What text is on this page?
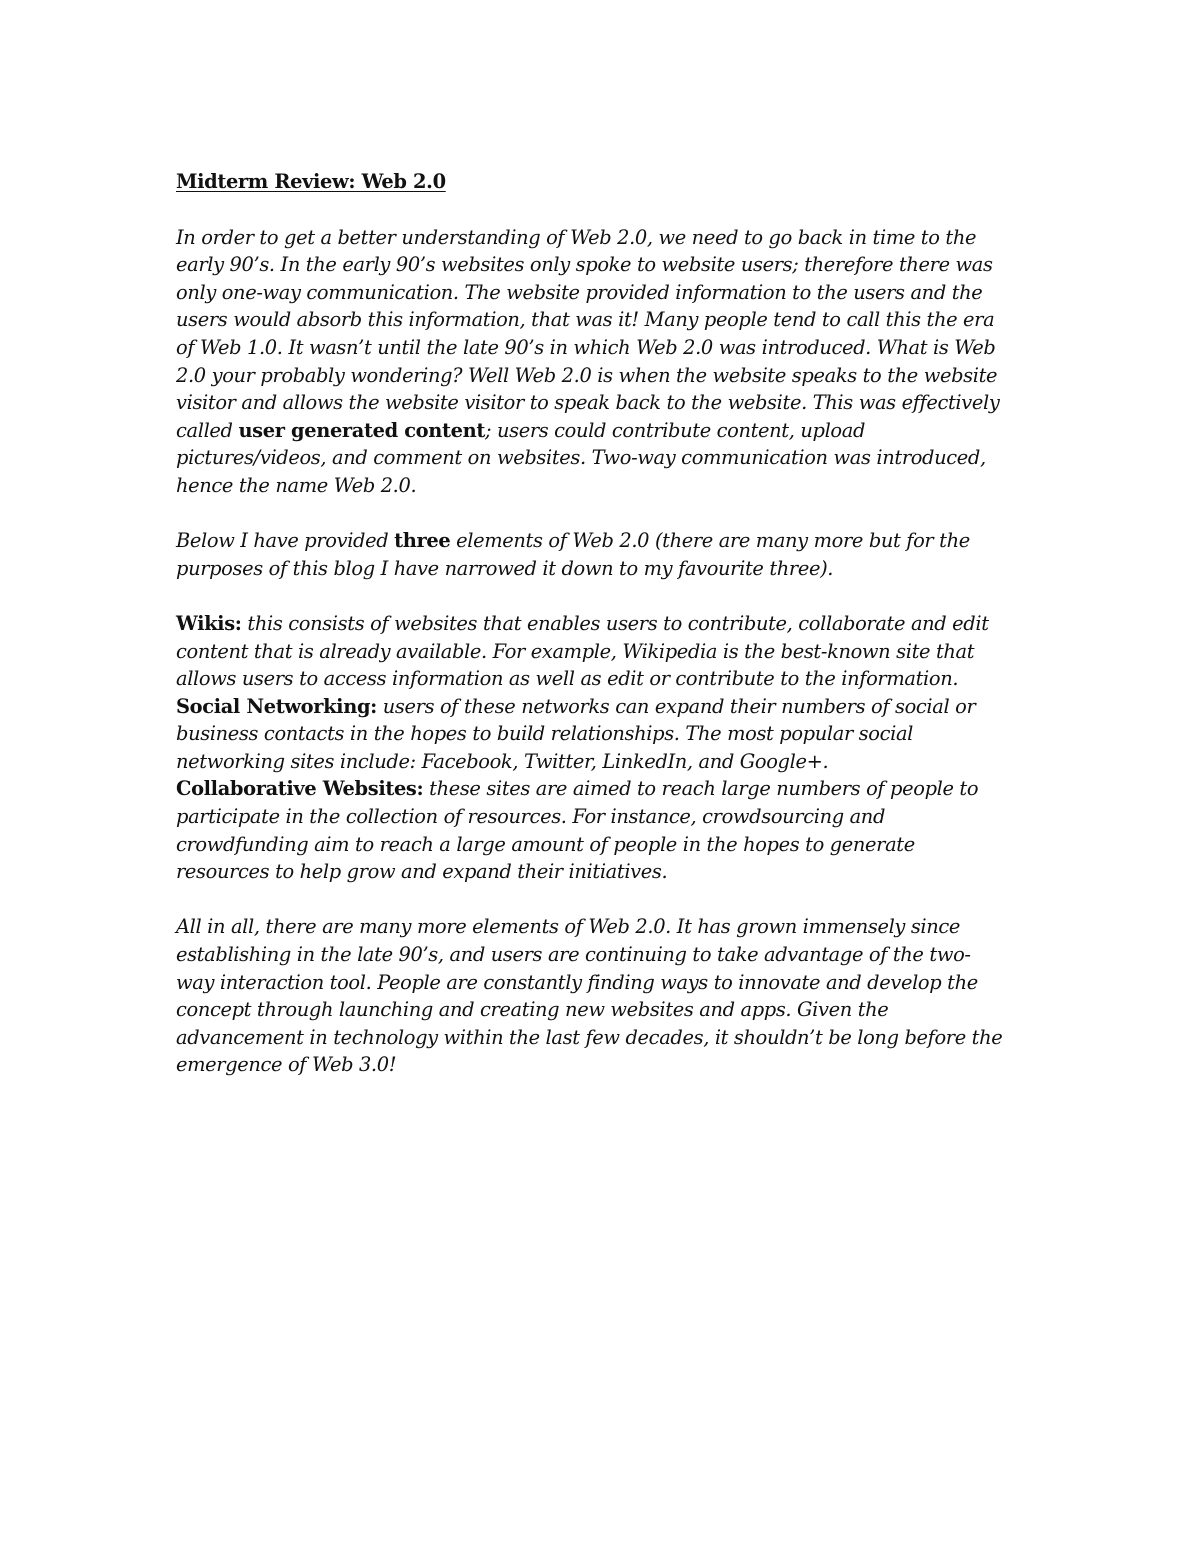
Midterm Review: Web 2.0

In order to get a better understanding of Web 2.0, we need to go back in time to the
early 90’s. In the early 90’s websites only spoke to website users; therefore there was
only one-way communication. The website provided information to the users and the
users would absorb this information, that was it! Many people tend to call this the era
of Web 1.0. It wasn’t until the late 90’s in which Web 2.0 was introduced. What is Web
2.0 your probably wondering? Well Web 2.0 is when the website speaks to the website
visitor and allows the website visitor to speak back to the website. This was effectively
called user generated content; users could contribute content, upload
pictures/videos, and comment on websites. Two-way communication was introduced,
hence the name Web 2.0.

Below I have provided three elements of Web 2.0 (there are many more but for the
purposes of this blog I have narrowed it down to my favourite three).

Wikis: this consists of websites that enables users to contribute, collaborate and edit
content that is already available. For example, Wikipedia is the best-known site that
allows users to access information as well as edit or contribute to the information.
Social Networking: users of these networks can expand their numbers of social or
business contacts in the hopes to build relationships. The most popular social
networking sites include: Facebook, Twitter, LinkedIn, and Google+.
Collaborative Websites: these sites are aimed to reach large numbers of people to
participate in the collection of resources. For instance, crowdsourcing and
crowdfunding aim to reach a large amount of people in the hopes to generate
resources to help grow and expand their initiatives.

All in all, there are many more elements of Web 2.0. It has grown immensely since
establishing in the late 90’s, and users are continuing to take advantage of the two-
way interaction tool. People are constantly finding ways to innovate and develop the
concept through launching and creating new websites and apps. Given the
advancement in technology within the last few decades, it shouldn’t be long before the
emergence of Web 3.0!
